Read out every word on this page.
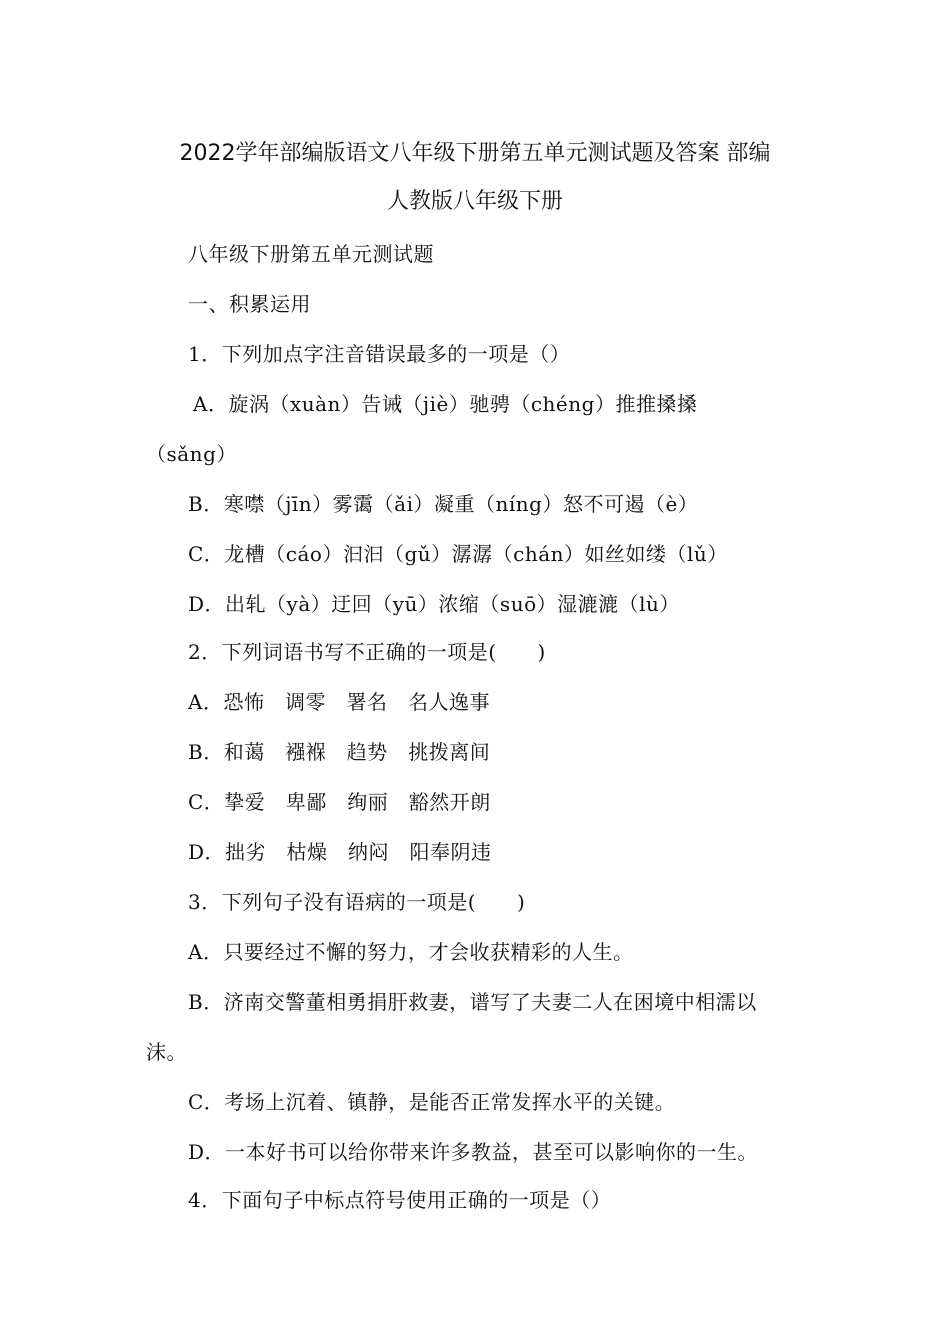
2022学年部编版语文八年级下册第五单元测试题及答案 部编
人教版八年级下册
八年级下册第五单元测试题
一、积累运用
1．下列加点字注音错误最多的一项是（）
A．旋涡（xuàn）告诫（jiè）驰骋（chéng）推推搡搡
（sǎng）
B．寒噤（jīn）雾霭（ǎi）凝重（níng）怒不可遏（è）
C．龙槽（cáo）汩汩（gǔ）潺潺（chán）如丝如缕（lǔ）
D．出轧（yà）迂回（yū）浓缩（suō）湿漉漉（lù）
2．下列词语书写不正确的一项是(　　)
A．恐怖　调零　署名　名人逸事
B．和蔼　襁褓　趋势　挑拨离间
C．挚爱　卑鄙　绚丽　豁然开朗
D．拙劣　枯燥　纳闷　阳奉阴违
3．下列句子没有语病的一项是(　　)
A．只要经过不懈的努力，才会收获精彩的人生。
B．济南交警董相勇捐肝救妻，谱写了夫妻二人在困境中相濡以
沫。
C．考场上沉着、镇静，是能否正常发挥水平的关键。
D．一本好书可以给你带来许多教益，甚至可以影响你的一生。
4．下面句子中标点符号使用正确的一项是（）
